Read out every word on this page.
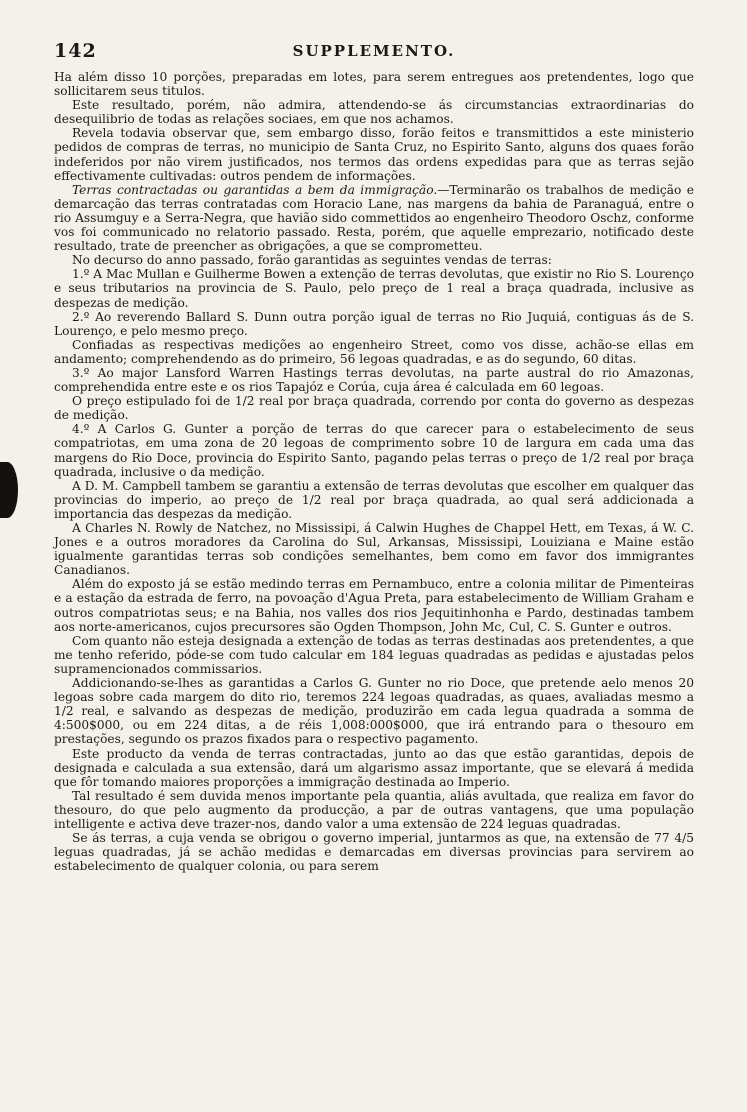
142	SUPPLEMENTO.

Ha além disso 10 porções, preparadas em lotes, para serem entregues aos pretendentes, logo que sollicitarem seus titulos.

Este resultado, porém, não admira, attendendo-se ás circumstancias extraordinarias do desequilibrio de todas as relações sociaes, em que nos achamos.

Revela todavia observar que, sem embargo disso, forão feitos e transmittidos a este ministerio pedidos de compras de terras, no municipio de Santa Cruz, no Espirito Santo, alguns dos quaes forão indeferidos por não virem justificados, nos termos das ordens expedidas para que as terras sejão effectivamente cultivadas: outros pendem de informações.

Terras contractadas ou garantidas a bem da immigração.—Terminarão os trabalhos de medição e demarcação das terras contratadas com Horacio Lane, nas margens da bahia de Paranaguá, entre o rio Assumguy e a Serra-Negra, que havião sido commettidos ao engenheiro Theodoro Oschz, conforme vos foi communicado no relatorio passado. Resta, porém, que aquelle emprezario, notificado deste resultado, trate de preencher as obrigações, a que se comprometteu.

No decurso do anno passado, forão garantidas as seguintes vendas de terras:

1.º A Mac Mullan e Guilherme Bowen a extenção de terras devolutas, que existir no Rio S. Lourenço e seus tributarios na provincia de S. Paulo, pelo preço de 1 real a braça quadrada, inclusive as despezas de medição.

2.º Ao reverendo Ballard S. Dunn outra porção igual de terras no Rio Juquiá, contiguas ás de S. Lourenço, e pelo mesmo preço.

Confiadas as respectivas medições ao engenheiro Street, como vos disse, achão-se ellas em andamento; comprehendendo as do primeiro, 56 legoas quadradas, e as do segundo, 60 ditas.

3.º Ao major Lansford Warren Hastings terras devolutas, na parte austral do rio Amazonas, comprehendida entre este e os rios Tapajóz e Corúa, cuja área é calculada em 60 legoas.

O preço estipulado foi de 1/2 real por braça quadrada, correndo por conta do governo as despezas de medição.

4.º A Carlos G. Gunter a porção de terras do que carecer para o estabelecimento de seus compatriotas, em uma zona de 20 legoas de comprimento sobre 10 de largura em cada uma das margens do Rio Doce, provincia do Espirito Santo, pagando pelas terras o preço de 1/2 real por braça quadrada, inclusive o da medição.

A D. M. Campbell tambem se garantiu a extensão de terras devolutas que escolher em qualquer das provincias do imperio, ao preço de 1/2 real por braça quadrada, ao qual será addicionada a importancia das despezas da medição.

A Charles N. Rowly de Natchez, no Mississipi, á Calwin Hughes de Chappel Hett, em Texas, á W. C. Jones e a outros moradores da Carolina do Sul, Arkansas, Mississipi, Louiziana e Maine estão igualmente garantidas terras sob condições semelhantes, bem como em favor dos immigrantes Canadianos.

Além do exposto já se estão medindo terras em Pernambuco, entre a colonia militar de Pimenteiras e a estação da estrada de ferro, na povoação d'Agua Preta, para estabelecimento de William Graham e outros compatriotas seus; e na Bahia, nos valles dos rios Jequitinhonha e Pardo, destinadas tambem aos norte-americanos, cujos precursores são Ogden Thompson, John Mc, Cul, C. S. Gunter e outros.

Com quanto não esteja designada a extenção de todas as terras destinadas aos pretendentes, a que me tenho referido, póde-se com tudo calcular em 184 leguas quadradas as pedidas e ajustadas pelos supramencionados commissarios.

Addicionando-se-lhes as garantidas a Carlos G. Gunter no rio Doce, que pretende aelo menos 20 legoas sobre cada margem do dito rio, teremos 224 legoas quadradas, as quaes, avaliadas mesmo a 1/2 real, e salvando as despezas de medição, produzirão em cada legua quadrada a somma de 4:500$000, ou em 224 ditas, a de réis 1,008:000$000, que irá entrando para o thesouro em prestações, segundo os prazos fixados para o respectivo pagamento.

Este producto da venda de terras contractadas, junto ao das que estão garantidas, depois de designada e calculada a sua extensão, dará um algarismo assaz importante, que se elevará á medida que fôr tomando maiores proporções a immigração destinada ao Imperio.

Tal resultado é sem duvida menos importante pela quantia, aliás avultada, que realiza em favor do thesouro, do que pelo augmento da producção, a par de outras vantagens, que uma população intelligente e activa deve trazer-nos, dando valor a uma extensão de 224 leguas quadradas.

Se ás terras, a cuja venda se obrigou o governo imperial, juntarmos as que, na extensão de 77 4/5 leguas quadradas, já se achão medidas e demarcadas em diversas provincias para servirem ao estabelecimento de qualquer colonia, ou para serem
